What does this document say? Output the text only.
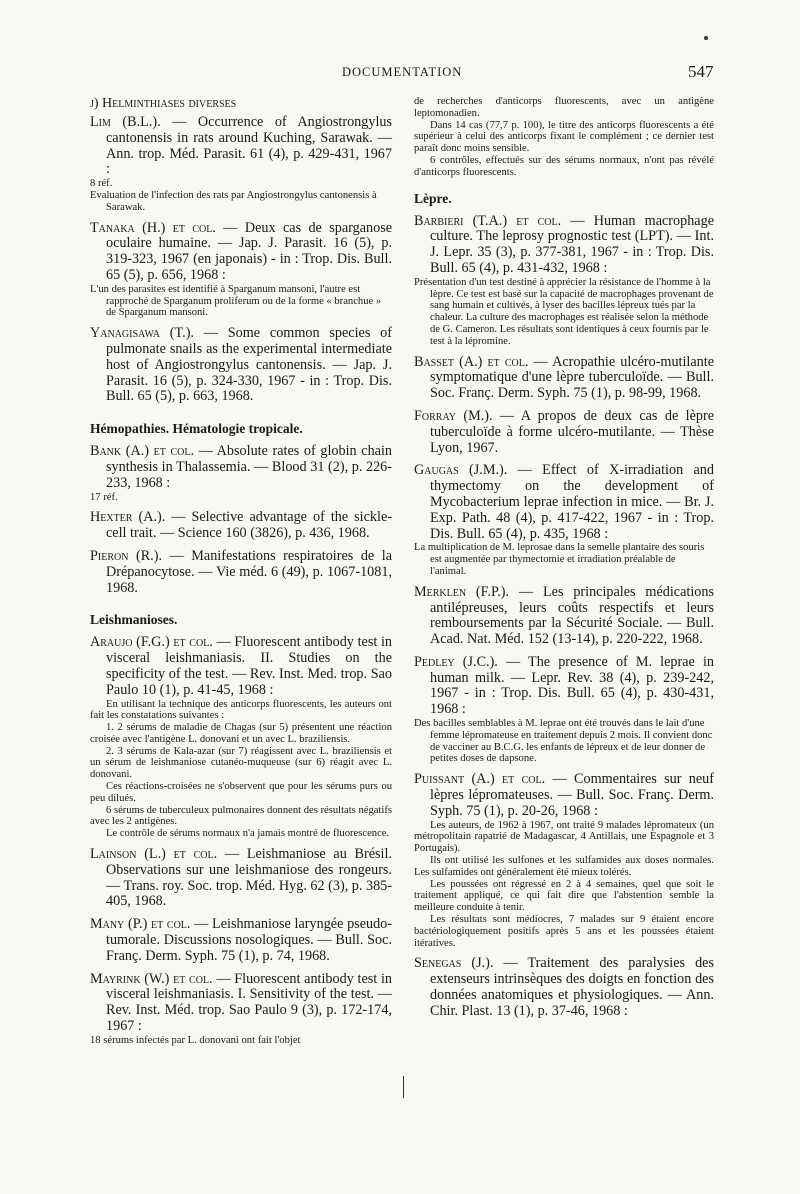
DOCUMENTATION	547

j) Helminthiases diverses

Lim (B.L.). — Occurrence of Angiostrongylus cantonensis in rats around Kuching, Sarawak. — Ann. trop. Méd. Parasit. 61 (4), p. 429-431, 1967 :

8 réf.

Evaluation de l'infection des rats par Angiostrongylus cantonensis à Sarawak.

Tanaka (H.) et col. — Deux cas de sparganose oculaire humaine. — Jap. J. Parasit. 16 (5), p. 319-323, 1967 (en japonais) - in : Trop. Dis. Bull. 65 (5), p. 656, 1968 :

L'un des parasites est identifié à Sparganum mansoni, l'autre est rapproché de Sparganum proliferum ou de la forme « branchue » de Sparganum mansoni.

Yanagisawa (T.). — Some common species of pulmonate snails as the experimental intermediate host of Angiostrongylus cantonensis. — Jap. J. Parasit. 16 (5), p. 324-330, 1967 - in : Trop. Dis. Bull. 65 (5), p. 663, 1968.

Hémopathies. Hématologie tropicale.

Bank (A.) et col. — Absolute rates of globin chain synthesis in Thalassemia. — Blood 31 (2), p. 226-233, 1968 :

17 réf.

Hexter (A.). — Selective advantage of the sickle-cell trait. — Science 160 (3826), p. 436, 1968.

Pieron (R.). — Manifestations respiratoires de la Drépanocytose. — Vie méd. 6 (49), p. 1067-1081, 1968.

Leishmanioses.

Araujo (F.G.) et col. — Fluorescent antibody test in visceral leishmaniasis. II. Studies on the specificity of the test. — Rev. Inst. Med. trop. Sao Paulo 10 (1), p. 41-45, 1968 :

En utilisant la technique des anticorps fluorescents, les auteurs ont fait les constatations suivantes :

1. 2 sérums de maladie de Chagas (sur 5) présentent une réaction croisée avec l'antigène L. donovani et un avec L. braziliensis.

2. 3 sérums de Kala-azar (sur 7) réagissent avec L. braziliensis et un sérum de leishmaniose cutanéo-muqueuse (sur 6) réagit avec L. donovani.

Ces réactions-croisées ne s'observent que pour les sérums purs ou peu dilués.

6 sérums de tuberculeux pulmonaires donnent des résultats négatifs avec les 2 antigènes.

Le contrôle de sérums normaux n'a jamais montré de fluorescence.

Lainson (L.) et col. — Leishmaniose au Brésil. Observations sur une leishmaniose des rongeurs. — Trans. roy. Soc. trop. Méd. Hyg. 62 (3), p. 385-405, 1968.

Many (P.) et col. — Leishmaniose laryngée pseudo-tumorale. Discussions nosologiques. — Bull. Soc. Franç. Derm. Syph. 75 (1), p. 74, 1968.

Mayrink (W.) et col. — Fluorescent antibody test in visceral leishmaniasis. I. Sensitivity of the test. — Rev. Inst. Méd. trop. Sao Paulo 9 (3), p. 172-174, 1967 :

18 sérums infectés par L. donovani ont fait l'objet

de recherches d'anticorps fluorescents, avec un antigène leptomonadien.

Dans 14 cas (77,7 p. 100), le titre des anticorps fluorescents a été supérieur à celui des anticorps fixant le complément ; ce dernier test paraît donc moins sensible.

6 contrôles, effectués sur des sérums normaux, n'ont pas révélé d'anticorps fluorescents.

Lèpre.

Barbieri (T.A.) et col. — Human macrophage culture. The leprosy prognostic test (LPT). — Int. J. Lepr. 35 (3), p. 377-381, 1967 - in : Trop. Dis. Bull. 65 (4), p. 431-432, 1968 :

Présentation d'un test destiné à apprécier la résistance de l'homme à la lèpre. Ce test est basé sur la capacité de macrophages provenant de sang humain et cultivés, à lyser des bacilles lépreux tués par la chaleur. La culture des macrophages est réalisée selon la méthode de G. Cameron. Les résultats sont identiques à ceux fournis par le test à la lépromine.

Basset (A.) et col. — Acropathie ulcéro-mutilante symptomatique d'une lèpre tuberculoïde. — Bull. Soc. Franç. Derm. Syph. 75 (1), p. 98-99, 1968.

Forray (M.). — A propos de deux cas de lèpre tuberculoïde à forme ulcéro-mutilante. — Thèse Lyon, 1967.

Gaugas (J.M.). — Effect of X-irradiation and thymectomy on the development of Mycobacterium leprae infection in mice. — Br. J. Exp. Path. 48 (4), p. 417-422, 1967 - in : Trop. Dis. Bull. 65 (4), p. 435, 1968 :

La multiplication de M. leprosae dans la semelle plantaire des souris est augmentée par thymectomie et irradiation préalable de l'animal.

Merklen (F.P.). — Les principales médications antilépreuses, leurs coûts respectifs et leurs remboursements par la Sécurité Sociale. — Bull. Acad. Nat. Méd. 152 (13-14), p. 220-222, 1968.

Pedley (J.C.). — The presence of M. leprae in human milk. — Lepr. Rev. 38 (4), p. 239-242, 1967 - in : Trop. Dis. Bull. 65 (4), p. 430-431, 1968 :

Des bacilles semblables à M. leprae ont été trouvés dans le lait d'une femme lépromateuse en traitement depuis 2 mois. Il convient donc de vacciner au B.C.G. les enfants de lépreux et de leur donner de petites doses de dapsone.

Puissant (A.) et col. — Commentaires sur neuf lèpres lépromateuses. — Bull. Soc. Franç. Derm. Syph. 75 (1), p. 20-26, 1968 :

Les auteurs, de 1962 à 1967, ont traité 9 malades lépromateux (un métropolitain rapatrié de Madagascar, 4 Antillais, une Espagnole et 3 Portugais).

Ils ont utilisé les sulfones et les sulfamides aux doses normales. Les sulfamides ont généralement été mieux tolérés.

Les poussées ont régressé en 2 à 4 semaines, quel que soit le traitement appliqué, ce qui fait dire que l'abstention semble la meilleure conduite à tenir.

Les résultats sont médiocres, 7 malades sur 9 étaient encore bactériologiquement positifs après 5 ans et les poussées étaient itératives.

Senegas (J.). — Traitement des paralysies des extenseurs intrinsèques des doigts en fonction des données anatomiques et physiologiques. — Ann. Chir. Plast. 13 (1), p. 37-46, 1968 :
